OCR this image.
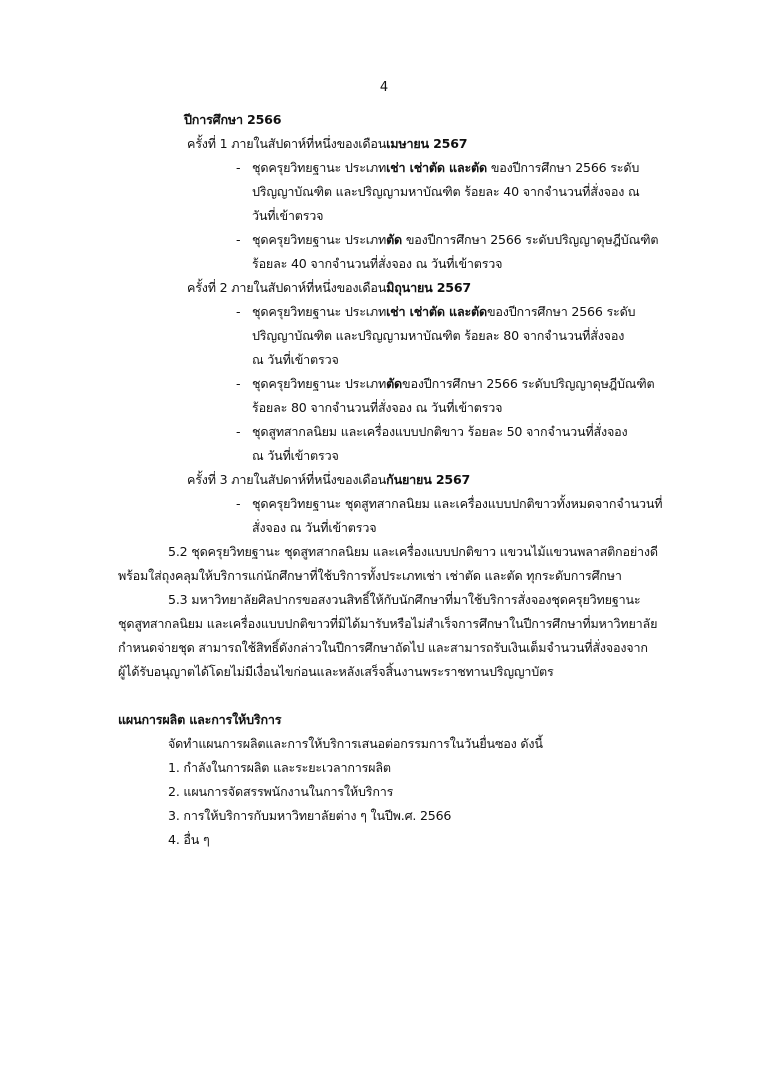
4
ปีการศึกษา 2566
ครั้งที่ 1 ภายในสัปดาห์ที่หนึ่งของเดือนเมษายน 2567
- ชุดครุยวิทยฐานะ ประเภทเช่า เช่าตัด และตัด ของปีการศึกษา 2566 ระดับ
ปริญญาบัณฑิต และปริญญามหาบัณฑิต ร้อยละ 40 จากจำนวนที่สั่งจอง ณ
วันที่เข้าตรวจ
- ชุดครุยวิทยฐานะ ประเภทตัด ของปีการศึกษา 2566 ระดับปริญญาดุษฎีบัณฑิต
ร้อยละ 40 จากจำนวนที่สั่งจอง ณ วันที่เข้าตรวจ
ครั้งที่ 2 ภายในสัปดาห์ที่หนึ่งของเดือนมิถุนายน 2567
- ชุดครุยวิทยฐานะ ประเภทเช่า เช่าตัด และตัดของปีการศึกษา 2566 ระดับ
ปริญญาบัณฑิต และปริญญามหาบัณฑิต ร้อยละ 80 จากจำนวนที่สั่งจอง
ณ วันที่เข้าตรวจ
- ชุดครุยวิทยฐานะ ประเภทตัดของปีการศึกษา 2566 ระดับปริญญาดุษฎีบัณฑิต
ร้อยละ 80 จากจำนวนที่สั่งจอง ณ วันที่เข้าตรวจ
- ชุดสูทสากลนิยม และเครื่องแบบปกติขาว ร้อยละ 50 จากจำนวนที่สั่งจอง
ณ วันที่เข้าตรวจ
ครั้งที่ 3 ภายในสัปดาห์ที่หนึ่งของเดือนกันยายน 2567
- ชุดครุยวิทยฐานะ ชุดสูทสากลนิยม และเครื่องแบบปกติขาวทั้งหมดจากจำนวนที่
สั่งจอง ณ วันที่เข้าตรวจ
5.2 ชุดครุยวิทยฐานะ ชุดสูทสากลนิยม และเครื่องแบบปกติขาว แขวนไม้แขวนพลาสติกอย่างดี
พร้อมใส่ถุงคลุมให้บริการแก่นักศึกษาที่ใช้บริการทั้งประเภทเช่า เช่าตัด และตัด ทุกระดับการศึกษา
5.3 มหาวิทยาลัยศิลปากรขอสงวนสิทธิ์ให้กับนักศึกษาที่มาใช้บริการสั่งจองชุดครุยวิทยฐานะ
ชุดสูทสากลนิยม และเครื่องแบบปกติขาวที่มิได้มารับหรือไม่สำเร็จการศึกษาในปีการศึกษาที่มหาวิทยาลัย
กำหนดจ่ายชุด สามารถใช้สิทธิ์ดังกล่าวในปีการศึกษาถัดไป และสามารถรับเงินเต็มจำนวนที่สั่งจองจาก
ผู้ได้รับอนุญาตได้โดยไม่มีเงื่อนไขก่อนและหลังเสร็จสิ้นงานพระราชทานปริญญาบัตร
แผนการผลิต และการให้บริการ
จัดทำแผนการผลิตและการให้บริการเสนอต่อกรรมการในวันยื่นซอง ดังนี้
1. กำลังในการผลิต และระยะเวลาการผลิต
2. แผนการจัดสรรพนักงานในการให้บริการ
3. การให้บริการกับมหาวิทยาลัยต่าง ๆ ในปีพ.ศ. 2566
4. อื่น ๆ
